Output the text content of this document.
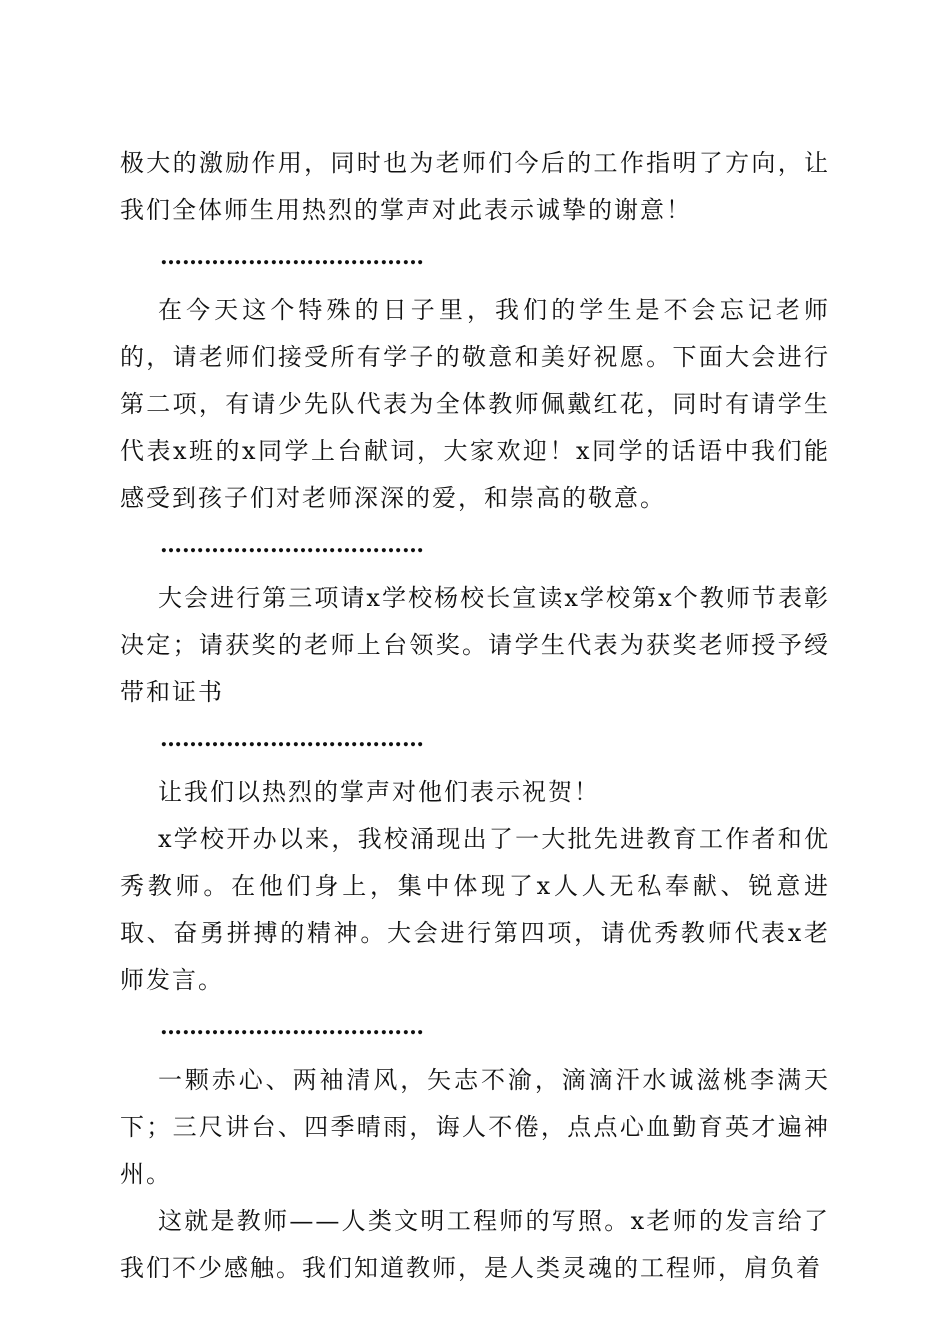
极大的激励作用，同时也为老师们今后的工作指明了方向，让我们全体师生用热烈的掌声对此表示诚挚的谢意！

………………………………

在今天这个特殊的日子里，我们的学生是不会忘记老师的，请老师们接受所有学子的敬意和美好祝愿。下面大会进行第二项，有请少先队代表为全体教师佩戴红花，同时有请学生代表x班的x同学上台献词，大家欢迎！x同学的话语中我们能感受到孩子们对老师深深的爱，和崇高的敬意。

………………………………

大会进行第三项请x学校杨校长宣读x学校第x个教师节表彰决定；请获奖的老师上台领奖。请学生代表为获奖老师授予绶带和证书

………………………………

让我们以热烈的掌声对他们表示祝贺！

x学校开办以来，我校涌现出了一大批先进教育工作者和优秀教师。在他们身上，集中体现了x人人无私奉献、锐意进取、奋勇拼搏的精神。大会进行第四项，请优秀教师代表x老师发言。

………………………………

一颗赤心、两袖清风，矢志不渝，滴滴汗水诚滋桃李满天下；三尺讲台、四季晴雨，诲人不倦，点点心血勤育英才遍神州。

这就是教师——人类文明工程师的写照。x老师的发言给了我们不少感触。我们知道教师，是人类灵魂的工程师，肩负着
